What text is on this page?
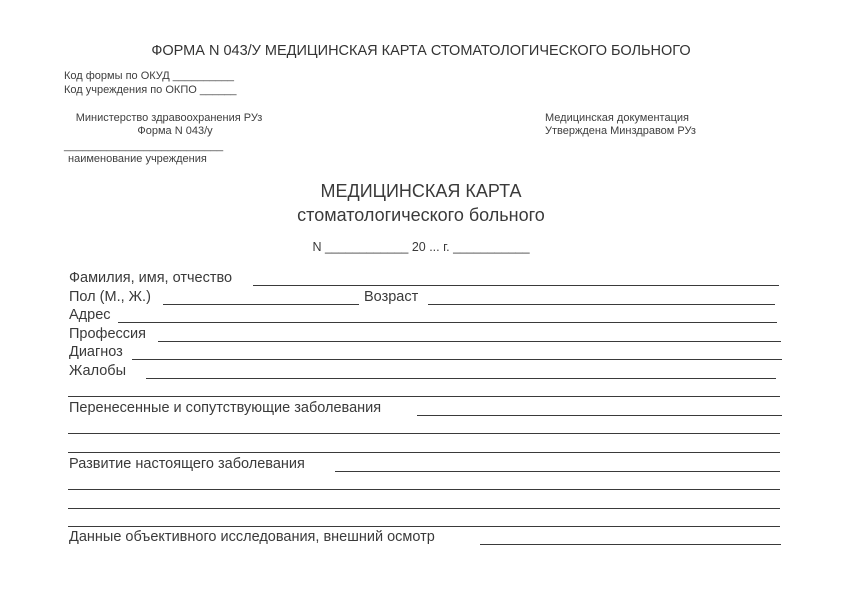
ФОРМА N 043/У МЕДИЦИНСКАЯ КАРТА СТОМАТОЛОГИЧЕСКОГО БОЛЬНОГО
Код формы по ОКУД __________
Код учреждения по ОКПО ______
Министерство здравоохранения РУз
Форма N 043/у
__________________________
наименование учреждения
Медицинская документация
Утверждена Минздравом РУз
МЕДИЦИНСКАЯ КАРТА
стоматологического больного
N ____________ 20 ... г. ___________
Фамилия, имя, отчество
Пол (М., Ж.)	Возраст
Адрес
Профессия
Диагноз
Жалобы
Перенесенные и сопутствующие заболевания
Развитие настоящего заболевания
Данные объективного исследования, внешний осмотр
